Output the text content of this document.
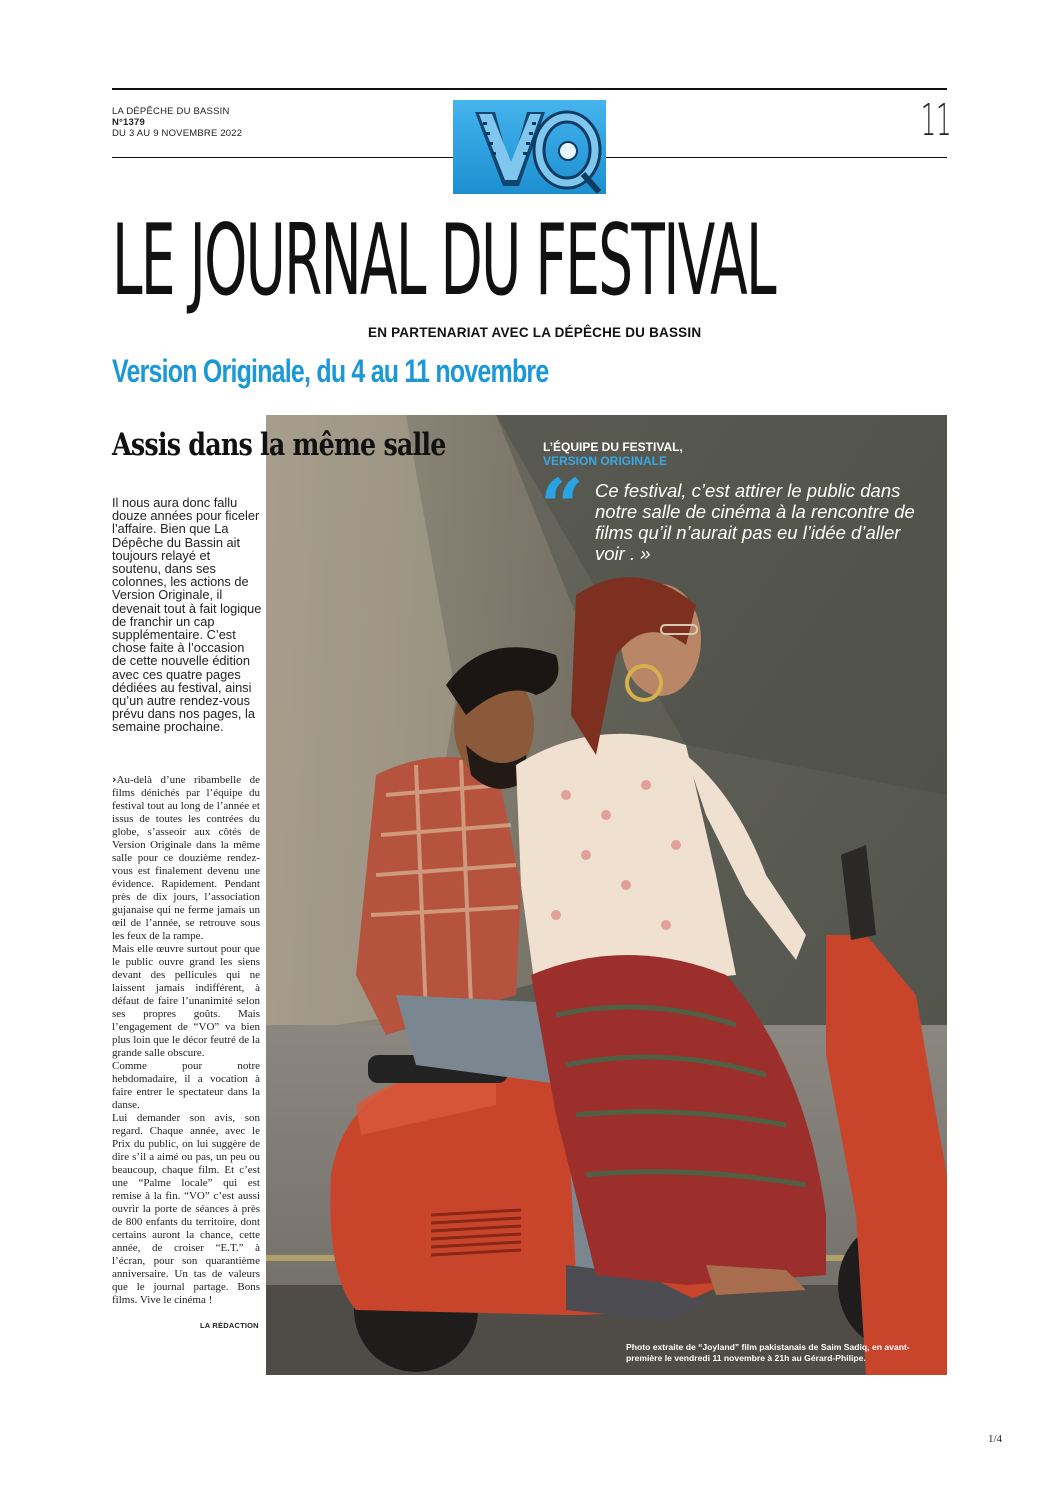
LA DÉPÊCHE DU BASSIN
N°1379
DU 3 AU 9 NOVEMBRE 2022	11
LE JOURNAL DU FESTIVAL
EN PARTENARIAT AVEC LA DÉPÊCHE DU BASSIN
Version Originale, du 4 au 11 novembre
Assis dans la même salle
Il nous aura donc fallu douze années pour ficeler l’affaire. Bien que La Dépêche du Bassin ait toujours relayé et soutenu, dans ses colonnes, les actions de Version Originale, il devenait tout à fait logique de franchir un cap supplémentaire. C’est chose faite à l’occasion de cette nouvelle édition avec ces quatre pages dédiées au festival, ainsi qu’un autre rendez-vous prévu dans nos pages, la semaine prochaine.

›Au-delà d’une ribambelle de films dénichés par l’équipe du festival tout au long de l’année et issus de toutes les contrées du globe, s’asseoir aux côtés de Version Originale dans la même salle pour ce douzième rendez-vous est finalement devenu une évidence. Rapidement. Pendant près de dix jours, l’association gujanaise qui ne ferme jamais un œil de l’année, se retrouve sous les feux de la rampe.

Mais elle œuvre surtout pour que le public ouvre grand les siens devant des pellicules qui ne laissent jamais indifférent, à défaut de faire l’unanimité selon ses propres goûts. Mais l’engagement de “VO” va bien plus loin que le décor feutré de la grande salle obscure.

Comme pour notre hebdomadaire, il a vocation à faire entrer le spectateur dans la danse.

Lui demander son avis, son regard. Chaque année, avec le Prix du public, on lui suggère de dire s’il a aimé ou pas, un peu ou beaucoup, chaque film. Et c’est une “Palme locale” qui est remise à la fin. “VO” c’est aussi ouvrir la porte de séances à près de 800 enfants du territoire, dont certains auront la chance, cette année, de croiser “E.T.” à l’écran, pour son quarantième anniversaire. Un tas de valeurs que le journal partage. Bons films. Vive le cinéma !

LA RÉDACTION
L’ÉQUIPE DU FESTIVAL,
VERSION ORIGINALE
“ Ce festival, c’est attirer le public dans notre salle de cinéma à la rencontre de films qu’il n’aurait pas eu l’idée d’aller voir . »
Photo extraite de “Joyland” film pakistanais de Saim Sadiq, en avant-première le vendredi 11 novembre à 21h au Gérard-Philipe.
1/4
